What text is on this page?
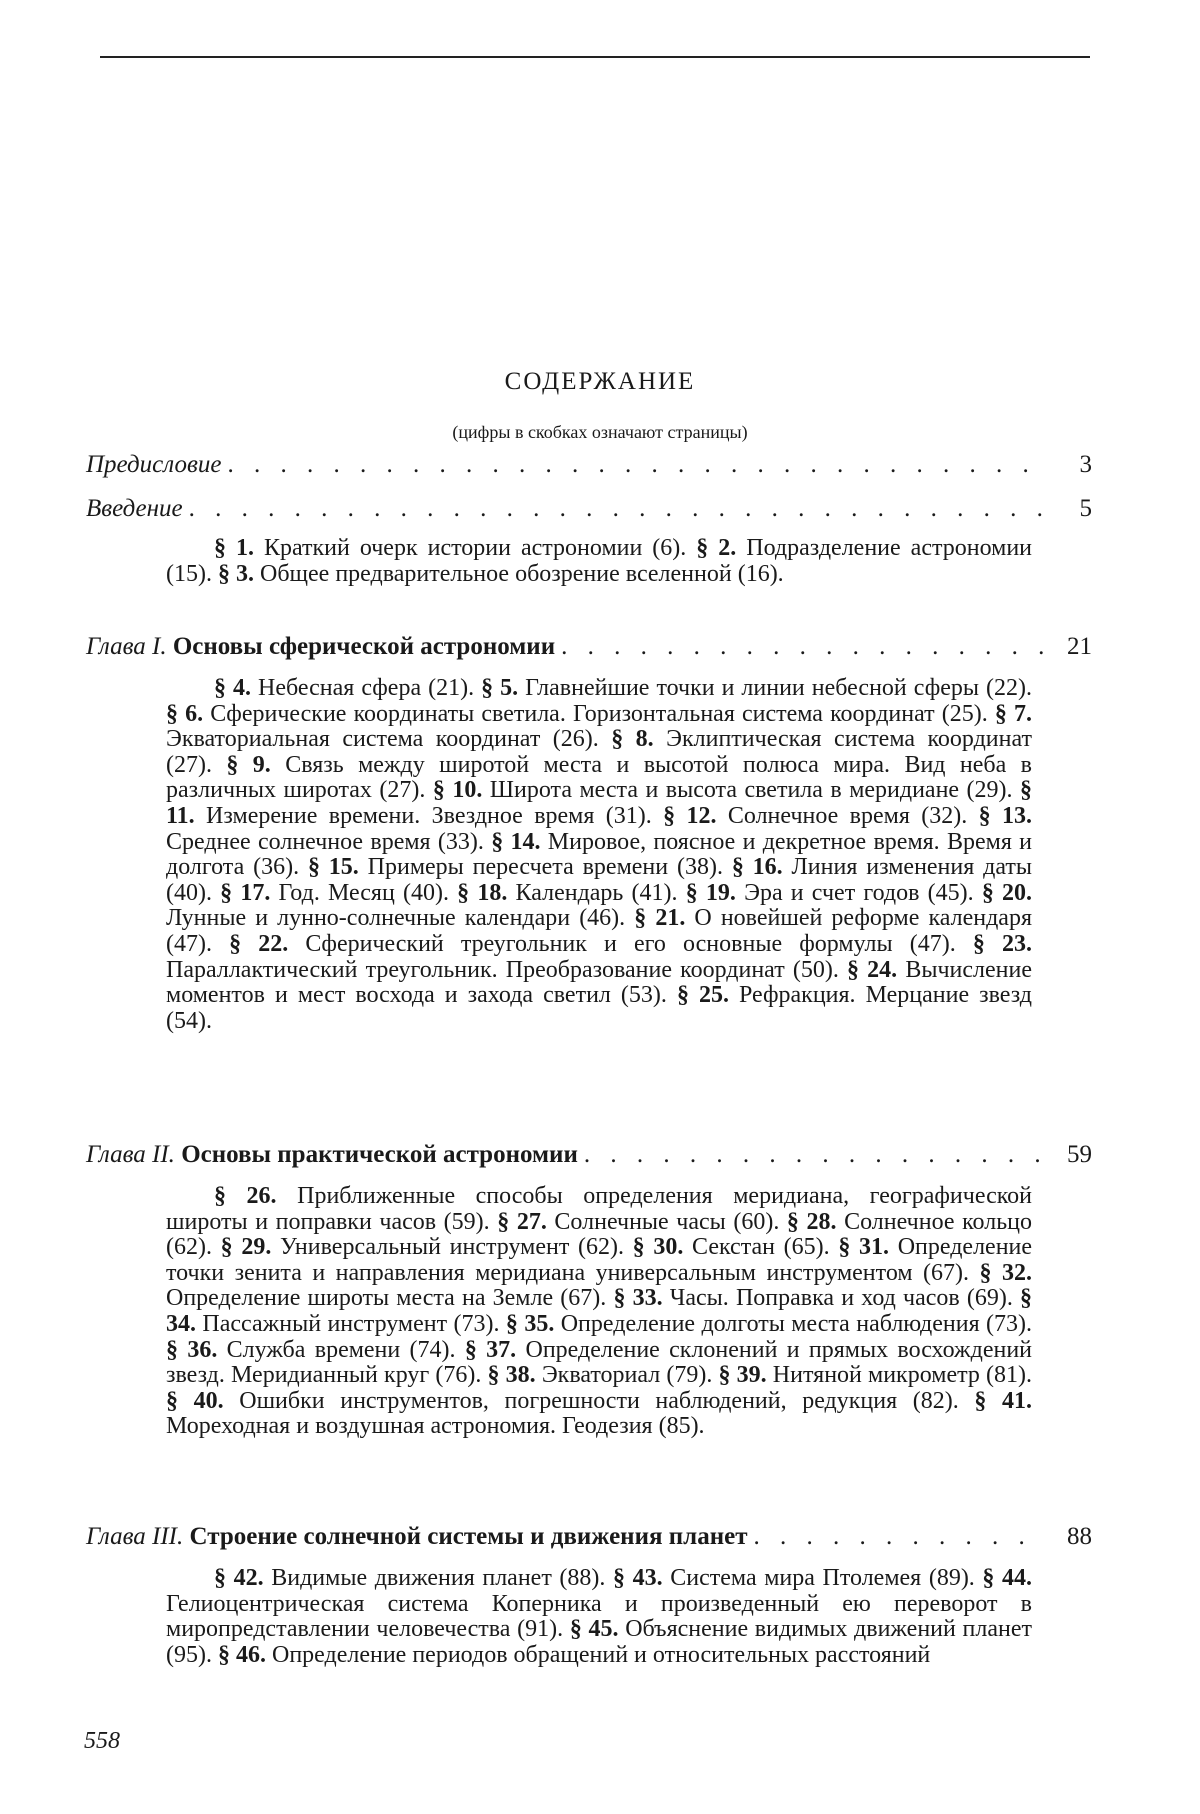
СОДЕРЖАНИЕ
(цифры в скобках означают страницы)
Предисловие . . .	3
Введение . . .	5
§ 1. Краткий очерк истории астрономии (6). § 2. Подразделение астрономии (15). § 3. Общее предварительное обозрение вселенной (16).
Глава I. Основы сферической астрономии . . .	21
§ 4. Небесная сфера (21). § 5. Главнейшие точки и линии небесной сферы (22). § 6. Сферические координаты светила. Горизонтальная система координат (25). § 7. Экваториальная система координат (26). § 8. Эклиптическая система координат (27). § 9. Связь между широтой места и высотой полюса мира. Вид неба в различных широтах (27). § 10. Широта места и высота светила в меридиане (29). § 11. Измерение времени. Звездное время (31). § 12. Солнечное время (32). § 13. Среднее солнечное время (33). § 14. Мировое, поясное и декретное время. Время и долгота (36). § 15. Примеры пересчета времени (38). § 16. Линия изменения даты (40). § 17. Год. Месяц (40). § 18. Календарь (41). § 19. Эра и счет годов (45). § 20. Лунные и лунно-солнечные календари (46). § 21. О новейшей реформе календаря (47). § 22. Сферический треугольник и его основные формулы (47). § 23. Параллактический треугольник. Преобразование координат (50). § 24. Вычисление моментов и мест восхода и захода светил (53). § 25. Рефракция. Мерцание звезд (54).
Глава II. Основы практической астрономии . . .	59
§ 26. Приближенные способы определения меридиана, географической широты и поправки часов (59). § 27. Солнечные часы (60). § 28. Солнечное кольцо (62). § 29. Универсальный инструмент (62). § 30. Секстан (65). § 31. Определение точки зенита и направления меридиана универсальным инструментом (67). § 32. Определение широты места на Земле (67). § 33. Часы. Поправка и ход часов (69). § 34. Пассажный инструмент (73). § 35. Определение долготы места наблюдения (73). § 36. Служба времени (74). § 37. Определение склонений и прямых восхождений звезд. Меридианный круг (76). § 38. Экваториал (79). § 39. Нитяной микрометр (81). § 40. Ошибки инструментов, погрешности наблюдений, редукция (82). § 41. Мореходная и воздушная астрономия. Геодезия (85).
Глава III. Строение солнечной системы и движения планет . . .	88
§ 42. Видимые движения планет (88). § 43. Система мира Птолемея (89). § 44. Гелиоцентрическая система Коперника и произведенный ею переворот в миропредставлении человечества (91). § 45. Объяснение видимых движений планет (95). § 46. Определение периодов обращений и относительных расстояний
558
